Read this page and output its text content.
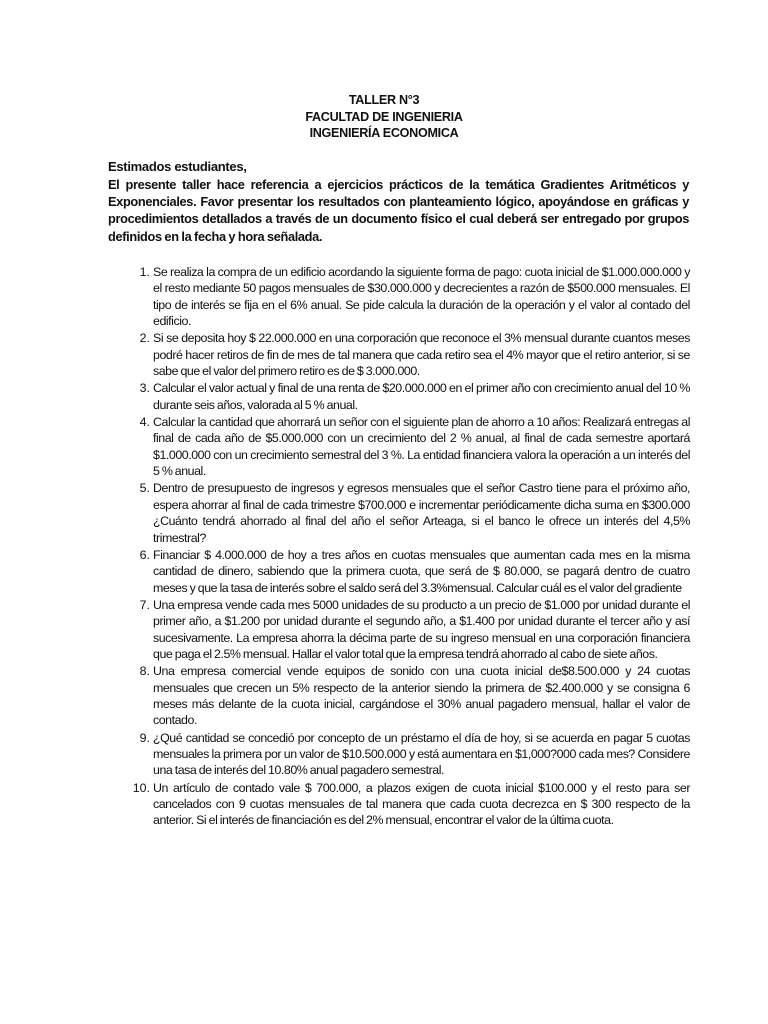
TALLER N°3
FACULTAD DE INGENIERIA
INGENIERÍA ECONOMICA
Estimados estudiantes,
El presente taller hace referencia a ejercicios prácticos de la temática Gradientes Aritméticos y Exponenciales. Favor presentar los resultados con planteamiento lógico, apoyándose en gráficas y procedimientos detallados a través de un documento físico el cual deberá ser entregado por grupos definidos en la fecha y hora señalada.
1. Se realiza la compra de un edificio acordando la siguiente forma de pago: cuota inicial de $1.000.000.000 y el resto mediante 50 pagos mensuales de $30.000.000 y decrecientes a razón de $500.000 mensuales. El tipo de interés se fija en el 6% anual. Se pide calcula la duración de la operación y el valor al contado del edificio.
2. Si se deposita hoy $ 22.000.000 en una corporación que reconoce el 3% mensual durante cuantos meses podré hacer retiros de fin de mes de tal manera que cada retiro sea el 4% mayor que el retiro anterior, si se sabe que el valor del primero retiro es de $ 3.000.000.
3. Calcular el valor actual y final de una renta de $20.000.000 en el primer año con crecimiento anual del 10 % durante seis años, valorada al 5 % anual.
4. Calcular la cantidad que ahorrará un señor con el siguiente plan de ahorro a 10 años: Realizará entregas al final de cada año de $5.000.000 con un crecimiento del 2 % anual, al final de cada semestre aportará $1.000.000 con un crecimiento semestral del 3 %. La entidad financiera valora la operación a un interés del 5 % anual.
5. Dentro de presupuesto de ingresos y egresos mensuales que el señor Castro tiene para el próximo año, espera ahorrar al final de cada trimestre $700.000 e incrementar periódicamente dicha suma en $300.000 ¿Cuánto tendrá ahorrado al final del año el señor Arteaga, si el banco le ofrece un interés del 4,5% trimestral?
6. Financiar $ 4.000.000 de hoy a tres años en cuotas mensuales que aumentan cada mes en la misma cantidad de dinero, sabiendo que la primera cuota, que será de $ 80.000, se pagará dentro de cuatro meses y que la tasa de interés sobre el saldo será del 3.3%mensual. Calcular cuál es el valor del gradiente
7. Una empresa vende cada mes 5000 unidades de su producto a un precio de $1.000 por unidad durante el primer año, a $1.200 por unidad durante el segundo año, a $1.400 por unidad durante el tercer año y así sucesivamente. La empresa ahorra la décima parte de su ingreso mensual en una corporación financiera que paga el 2.5% mensual. Hallar el valor total que la empresa tendrá ahorrado al cabo de siete años.
8. Una empresa comercial vende equipos de sonido con una cuota inicial de$8.500.000 y 24 cuotas mensuales que crecen un 5% respecto de la anterior siendo la primera de $2.400.000 y se consigna 6 meses más delante de la cuota inicial, cargándose el 30% anual pagadero mensual, hallar el valor de contado.
9. ¿Qué cantidad se concedió por concepto de un préstamo el día de hoy, si se acuerda en pagar 5 cuotas mensuales la primera por un valor de $10.500.000 y está aumentara en $1,000?000 cada mes? Considere una tasa de interés del 10.80% anual pagadero semestral.
10. Un artículo de contado vale $ 700.000, a plazos exigen de cuota inicial $100.000 y el resto para ser cancelados con 9 cuotas mensuales de tal manera que cada cuota decrezca en $ 300 respecto de la anterior. Si el interés de financiación es del 2% mensual, encontrar el valor de la última cuota.
